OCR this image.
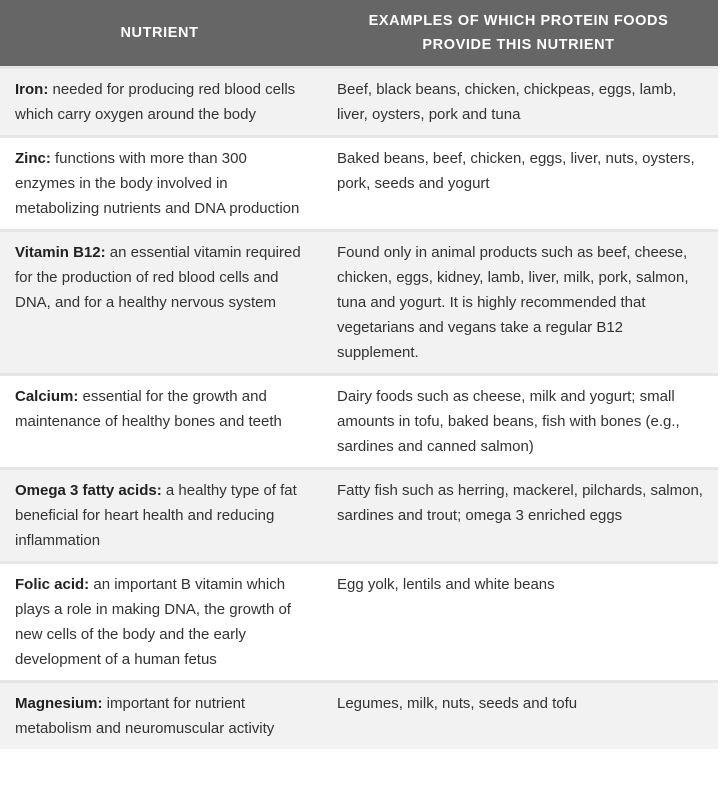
NUTRIENT	EXAMPLES OF WHICH PROTEIN FOODS
PROVIDE THIS NUTRIENT
Iron: needed for producing red blood cells which carry oxygen around the body	Beef, black beans, chicken, chickpeas, eggs, lamb, liver, oysters, pork and tuna
Zinc: functions with more than 300 enzymes in the body involved in metabolizing nutrients and DNA production	Baked beans, beef, chicken, eggs, liver, nuts, oysters, pork, seeds and yogurt
Vitamin B12: an essential vitamin required for the production of red blood cells and DNA, and for a healthy nervous system	Found only in animal products such as beef, cheese, chicken, eggs, kidney, lamb, liver, milk, pork, salmon, tuna and yogurt. It is highly recommended that vegetarians and vegans take a regular B12 supplement.
Calcium: essential for the growth and maintenance of healthy bones and teeth	Dairy foods such as cheese, milk and yogurt; small amounts in tofu, baked beans, fish with bones (e.g., sardines and canned salmon)
Omega 3 fatty acids: a healthy type of fat beneficial for heart health and reducing inflammation	Fatty fish such as herring, mackerel, pilchards, salmon, sardines and trout; omega 3 enriched eggs
Folic acid: an important B vitamin which plays a role in making DNA, the growth of new cells of the body and the early development of a human fetus	Egg yolk, lentils and white beans
Magnesium: important for nutrient metabolism and neuromuscular activity	Legumes, milk, nuts, seeds and tofu
